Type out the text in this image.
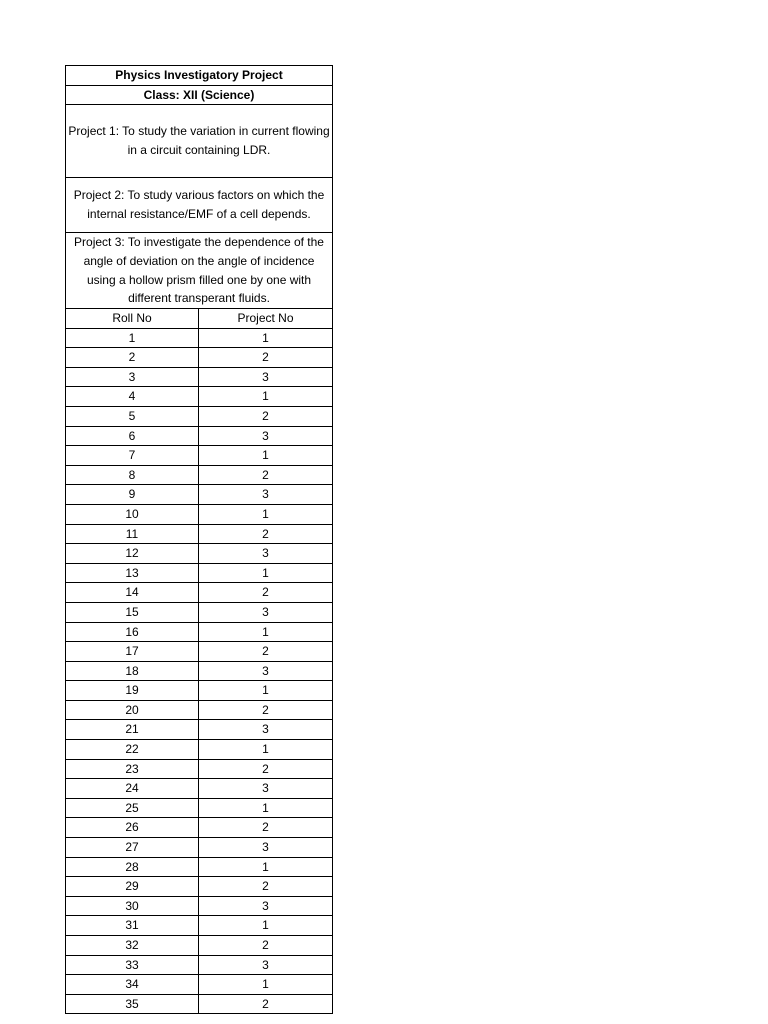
Physics Investigatory Project	
Class: XII (Science)	
Project 1: To study the variation in current flowing in a circuit containing LDR.	
Project 2: To study various factors on which the internal resistance/EMF of a cell depends.	
Project 3: To investigate the dependence of the angle of deviation on the angle of incidence using a hollow prism filled one by one with different transperant fluids.	
Roll No	Project No
1	1
2	2
3	3
4	1
5	2
6	3
7	1
8	2
9	3
10	1
11	2
12	3
13	1
14	2
15	3
16	1
17	2
18	3
19	1
20	2
21	3
22	1
23	2
24	3
25	1
26	2
27	3
28	1
29	2
30	3
31	1
32	2
33	3
34	1
35	2
